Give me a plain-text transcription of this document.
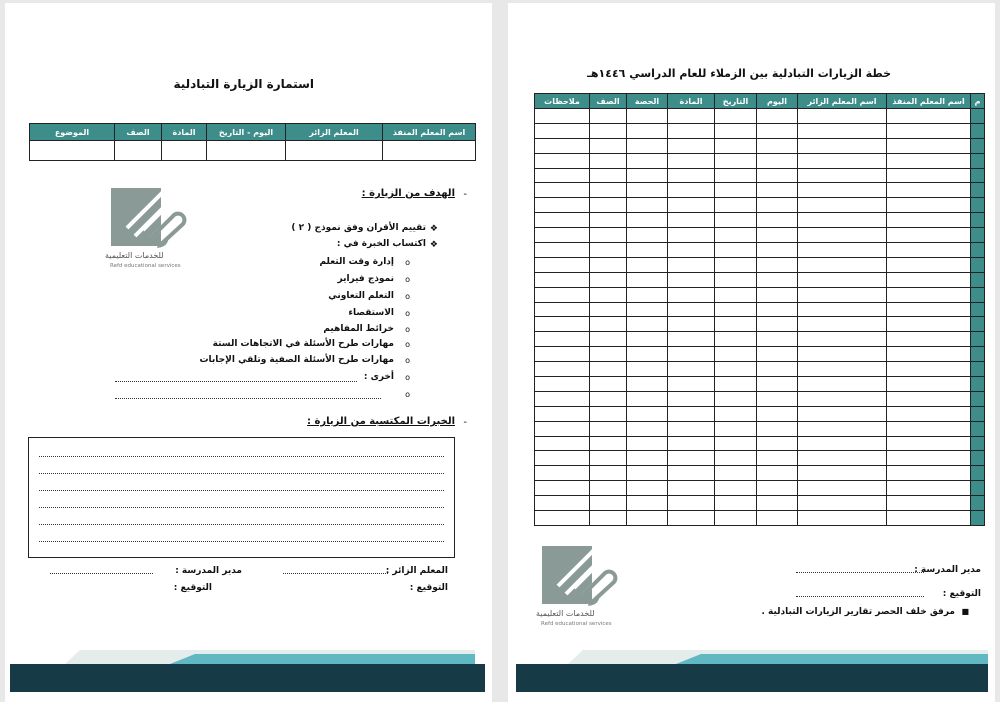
استمارة الزيارة التبادلية
اسم المعلم المنفذ	المعلم الزائر	اليوم - التاريخ	المادة	الصف	الموضوع

-
الهدف من الزيارة :
❖
تقييم الأقران وفق نموذج ( ٢ )
❖
اكتساب الخبرة في :
o
إدارة وقت التعلم
o
نموذج فيراير
o
التعلم التعاوني
o
الاستقصاء
o
خرائط المفاهيم
o
مهارات طرح الأسئلة في الاتجاهات الستة
o
مهارات طرح الأسئلة الصفية وتلقي الإجابات
o
أخرى :
o
رفد
للخدمات التعليمية
Refd educational services
-
الخبرات المكتسبة من الزيارة :
المعلم الزائر :
مدير المدرسة :
التوقيع :
التوقيع :
خطة الزيارات التبادلية بين الزملاء للعام الدراسي ١٤٤٦هـ
م	اسم المعلم المنفذ	اسم المعلم الزائر	اليوم	التاريخ	المادة	الحصة	الصف	ملاحظات

رفد
للخدمات التعليمية
Refd educational services
مدير المدرسة :
التوقيع :
■
مرفق خلف الحصر تقارير الزيارات التبادلية .
